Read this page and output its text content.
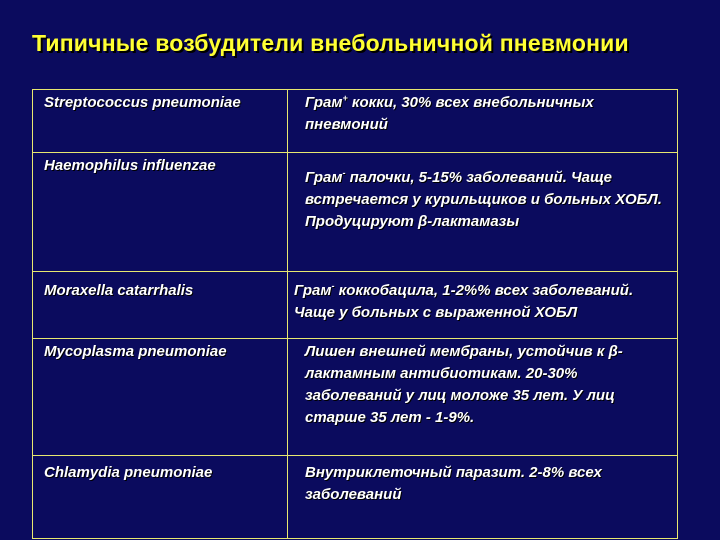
Типичные возбудители внебольничной пневмонии
Streptococcus pneumoniae	Грам+ кокки, 30% всех внебольничных пневмоний
Haemophilus influenzae	Грам- палочки, 5-15% заболеваний. Чаще встречается у курильщиков и больных ХОБЛ. Продуцируют β-лактамазы
Moraxella catarrhalis	Грам- коккобацила, 1-2%% всех заболеваний. Чаще у больных с выраженной ХОБЛ
Mycoplasma pneumoniae	Лишен внешней мембраны, устойчив к β-лактамным антибиотикам. 20-30% заболеваний у лиц моложе 35 лет. У лиц старше 35 лет - 1-9%.
Chlamydia pneumoniae	Внутриклеточный паразит. 2-8% всех заболеваний
